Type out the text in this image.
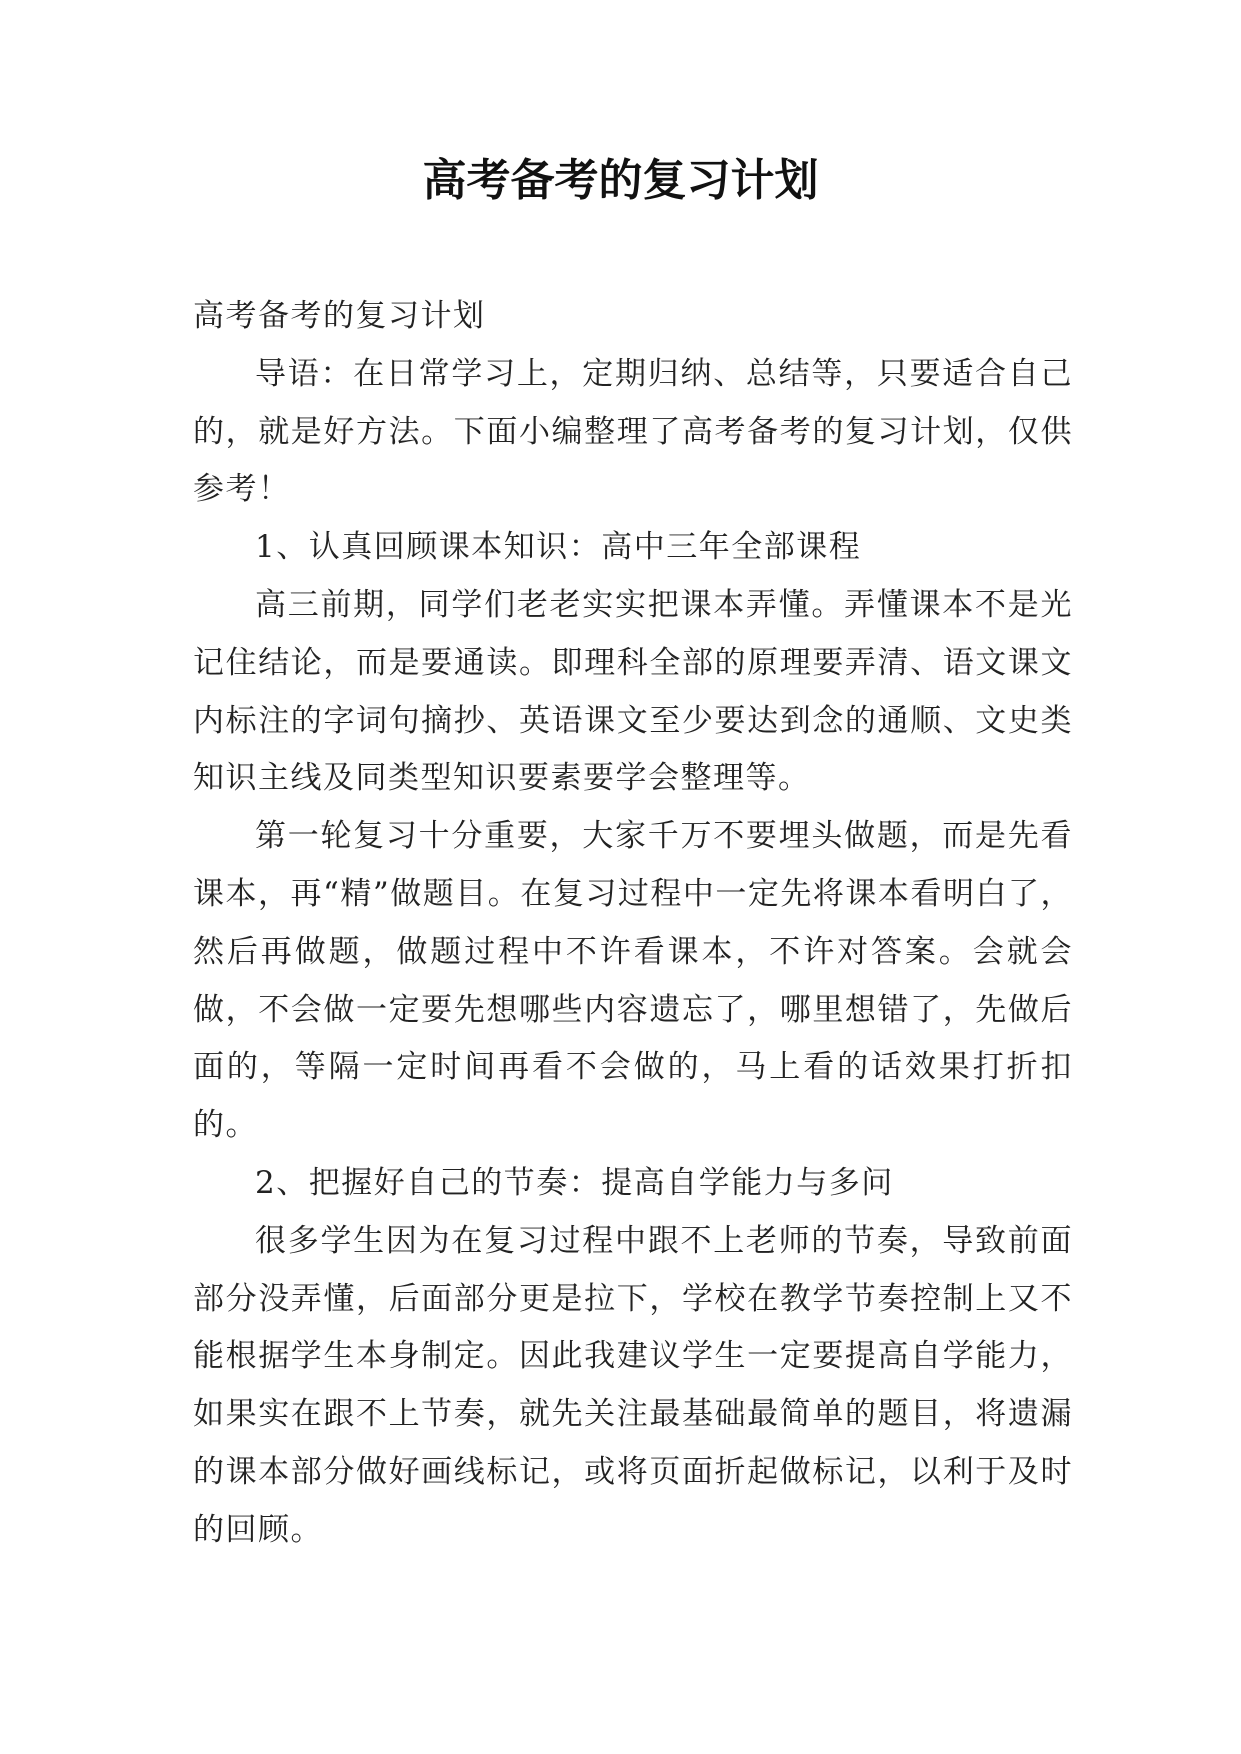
高考备考的复习计划

高考备考的复习计划

导语：在日常学习上，定期归纳、总结等，只要适合自己的，就是好方法。下面小编整理了高考备考的复习计划，仅供参考！

1、认真回顾课本知识：高中三年全部课程

高三前期，同学们老老实实把课本弄懂。弄懂课本不是光记住结论，而是要通读。即理科全部的原理要弄清、语文课文内标注的字词句摘抄、英语课文至少要达到念的通顺、文史类知识主线及同类型知识要素要学会整理等。

第一轮复习十分重要，大家千万不要埋头做题，而是先看课本，再“精”做题目。在复习过程中一定先将课本看明白了，然后再做题，做题过程中不许看课本，不许对答案。会就会做，不会做一定要先想哪些内容遗忘了，哪里想错了，先做后面的，等隔一定时间再看不会做的，马上看的话效果打折扣的。

2、把握好自己的节奏：提高自学能力与多问

很多学生因为在复习过程中跟不上老师的节奏，导致前面部分没弄懂，后面部分更是拉下，学校在教学节奏控制上又不能根据学生本身制定。因此我建议学生一定要提高自学能力，如果实在跟不上节奏，就先关注最基础最简单的题目，将遗漏的课本部分做好画线标记，或将页面折起做标记，以利于及时的回顾。
